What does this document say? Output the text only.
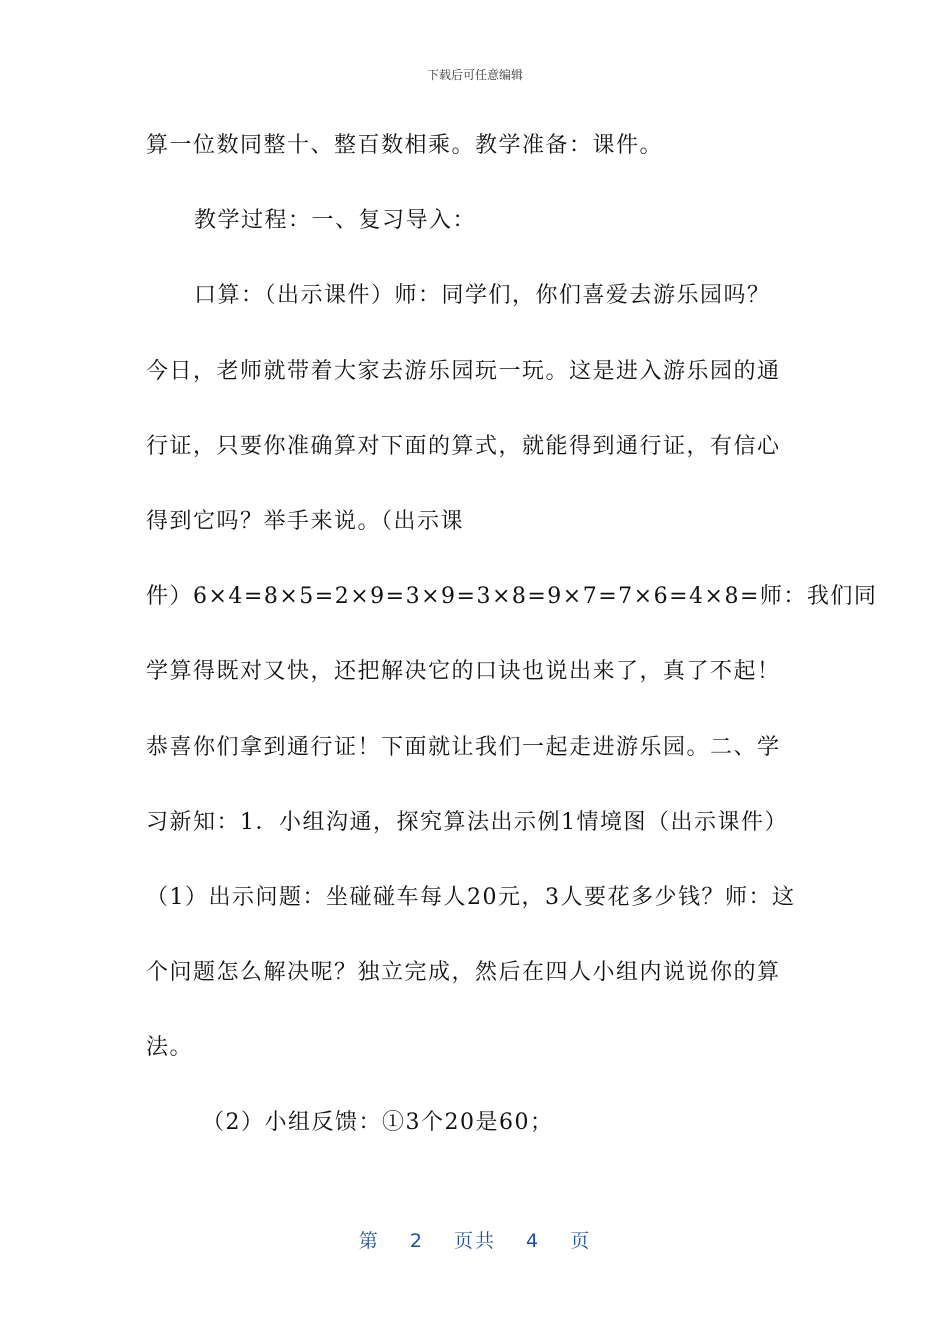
下载后可任意编辑
算一位数同整十、整百数相乘。教学准备：课件。
教学过程：一、复习导入：
口算：（出示课件）师：同学们，你们喜爱去游乐园吗？
今日，老师就带着大家去游乐园玩一玩。这是进入游乐园的通
行证，只要你准确算对下面的算式，就能得到通行证，有信心
得到它吗？举手来说。（出示课
件）6×4=8×5=2×9=3×9=3×8=9×7=7×6=4×8=师：我们同
学算得既对又快，还把解决它的口诀也说出来了，真了不起！
恭喜你们拿到通行证！下面就让我们一起走进游乐园。二、学
习新知：1．小组沟通，探究算法出示例1情境图（出示课件）
（1）出示问题：坐碰碰车每人20元，3人要花多少钱？师：这
个问题怎么解决呢？独立完成，然后在四人小组内说说你的算
法。
（2）小组反馈：①3个20是60；
第 2 页共 4 页
